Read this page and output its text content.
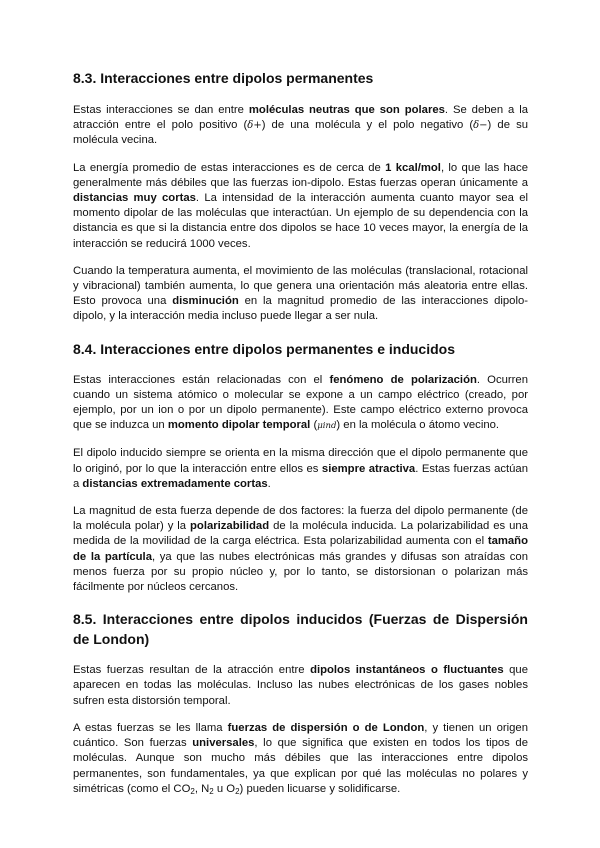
8.3. Interacciones entre dipolos permanentes

Estas interacciones se dan entre moléculas neutras que son polares. Se deben a la atracción entre el polo positivo (δ+) de una molécula y el polo negativo (δ−) de su molécula vecina.

La energía promedio de estas interacciones es de cerca de 1 kcal/mol, lo que las hace generalmente más débiles que las fuerzas ion-dipolo. Estas fuerzas operan únicamente a distancias muy cortas. La intensidad de la interacción aumenta cuanto mayor sea el momento dipolar de las moléculas que interactúan. Un ejemplo de su dependencia con la distancia es que si la distancia entre dos dipolos se hace 10 veces mayor, la energía de la interacción se reducirá 1000 veces.

Cuando la temperatura aumenta, el movimiento de las moléculas (translacional, rotacional y vibracional) también aumenta, lo que genera una orientación más aleatoria entre ellas. Esto provoca una disminución en la magnitud promedio de las interacciones dipolo-dipolo, y la interacción media incluso puede llegar a ser nula.

8.4. Interacciones entre dipolos permanentes e inducidos

Estas interacciones están relacionadas con el fenómeno de polarización. Ocurren cuando un sistema atómico o molecular se expone a un campo eléctrico (creado, por ejemplo, por un ion o por un dipolo permanente). Este campo eléctrico externo provoca que se induzca un momento dipolar temporal (μind) en la molécula o átomo vecino.

El dipolo inducido siempre se orienta en la misma dirección que el dipolo permanente que lo originó, por lo que la interacción entre ellos es siempre atractiva. Estas fuerzas actúan a distancias extremadamente cortas.

La magnitud de esta fuerza depende de dos factores: la fuerza del dipolo permanente (de la molécula polar) y la polarizabilidad de la molécula inducida. La polarizabilidad es una medida de la movilidad de la carga eléctrica. Esta polarizabilidad aumenta con el tamaño de la partícula, ya que las nubes electrónicas más grandes y difusas son atraídas con menos fuerza por su propio núcleo y, por lo tanto, se distorsionan o polarizan más fácilmente por núcleos cercanos.

8.5. Interacciones entre dipolos inducidos (Fuerzas de Dispersión de London)

Estas fuerzas resultan de la atracción entre dipolos instantáneos o fluctuantes que aparecen en todas las moléculas. Incluso las nubes electrónicas de los gases nobles sufren esta distorsión temporal.

A estas fuerzas se les llama fuerzas de dispersión o de London, y tienen un origen cuántico. Son fuerzas universales, lo que significa que existen en todos los tipos de moléculas. Aunque son mucho más débiles que las interacciones entre dipolos permanentes, son fundamentales, ya que explican por qué las moléculas no polares y simétricas (como el $CO_2$, $N_2$ u $O_2$) pueden licuarse y solidificarse.
